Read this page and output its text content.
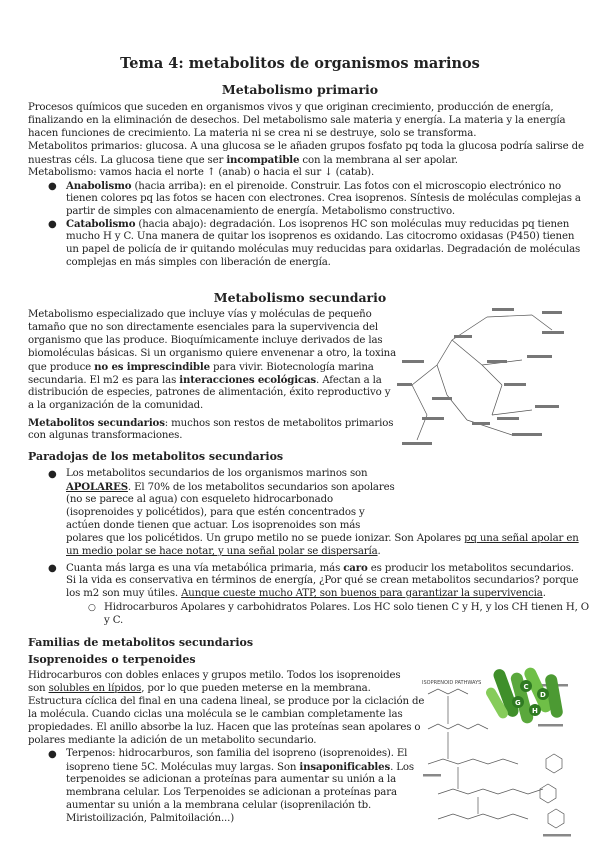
Tema 4: metabolitos de organismos marinos
Metabolismo primario
Procesos químicos que suceden en organismos vivos y que originan crecimiento, producción de energía,
finalizando en la eliminación de desechos. Del metabolismo sale materia y energía. La materia y la energía
hacen funciones de crecimiento. La materia ni se crea ni se destruye, solo se transforma.
Metabolitos primarios: glucosa. A una glucosa se le añaden grupos fosfato pq toda la glucosa podría salirse de
nuestras céls. La glucosa tiene que ser incompatible con la membrana al ser apolar.
Metabolismo: vamos hacia el norte ↑ (anab) o hacia el sur ↓ (catab).
● Anabolismo (hacia arriba): en el pirenoide. Construir. Las fotos con el microscopio electrónico no
tienen colores pq las fotos se hacen con electrones. Crea isoprenos. Síntesis de moléculas complejas a
partir de simples con almacenamiento de energía. Metabolismo constructivo.
● Catabolismo (hacia abajo): degradación. Los isoprenos HC son moléculas muy reducidas pq tienen
mucho H y C. Una manera de quitar los isoprenos es oxidando. Las citocromo oxidasas (P450) tienen
un papel de policía de ir quitando moléculas muy reducidas para oxidarlas. Degradación de moléculas
complejas en más simples con liberación de energía.
Metabolismo secundario
Metabolismo especializado que incluye vías y moléculas de pequeño
tamaño que no son directamente esenciales para la supervivencia del
organismo que las produce. Bioquímicamente incluye derivados de las
biomoléculas básicas. Si un organismo quiere envenenar a otro, la toxina
que produce no es imprescindible para vivir. Biotecnología marina
secundaria. El m2 es para las interacciones ecológicas. Afectan a la
distribución de especies, patrones de alimentación, éxito reproductivo y
a la organización de la comunidad.
Metabolitos secundarios: muchos son restos de metabolitos primarios
con algunas transformaciones.
Paradojas de los metabolitos secundarios
● Los metabolitos secundarios de los organismos marinos son
APOLARES. El 70% de los metabolitos secundarios son apolares
(no se parece al agua) con esqueleto hidrocarbonado
(isoprenoides y policétidos), para que estén concentrados y
actúen donde tienen que actuar. Los isoprenoides son más
polares que los policétidos. Un grupo metilo no se puede ionizar. Son Apolares pq una señal apolar en
un medio polar se hace notar, y una señal polar se dispersaría.
● Cuanta más larga es una vía metabólica primaria, más caro es producir los metabolitos secundarios.
Si la vida es conservativa en términos de energía, ¿Por qué se crean metabolitos secundarios? porque
los m2 son muy útiles. Aunque cueste mucho ATP, son buenos para garantizar la supervivencia.
○ Hidrocarburos Apolares y carbohidratos Polares. Los HC solo tienen C y H, y los CH tienen H, O
y C.
Familias de metabolitos secundarios
Isoprenoides o terpenoides
Hidrocarburos con dobles enlaces y grupos metilo. Todos los isoprenoides
son solubles en lípidos, por lo que pueden meterse en la membrana.
Estructura cíclica del final en una cadena lineal, se produce por la ciclación de
la molécula. Cuando ciclas una molécula se le cambian completamente las
propiedades. El anillo absorbe la luz. Hacen que las proteínas sean apolares o
polares mediante la adición de un metabolito secundario.
● Terpenos: hidrocarburos, son familia del isopreno (isoprenoides). El
isopreno tiene 5C. Moléculas muy largas. Son insaponificables. Los
terpenoides se adicionan a proteínas para aumentar su unión a la
membrana celular. Los Terpenoides se adicionan a proteínas para
aumentar su unión a la membrana celular (isoprenilación tb.
Miristoilización, Palmitoilación...)
ISOPRENOID PATHWAYS	C
D
G
H
